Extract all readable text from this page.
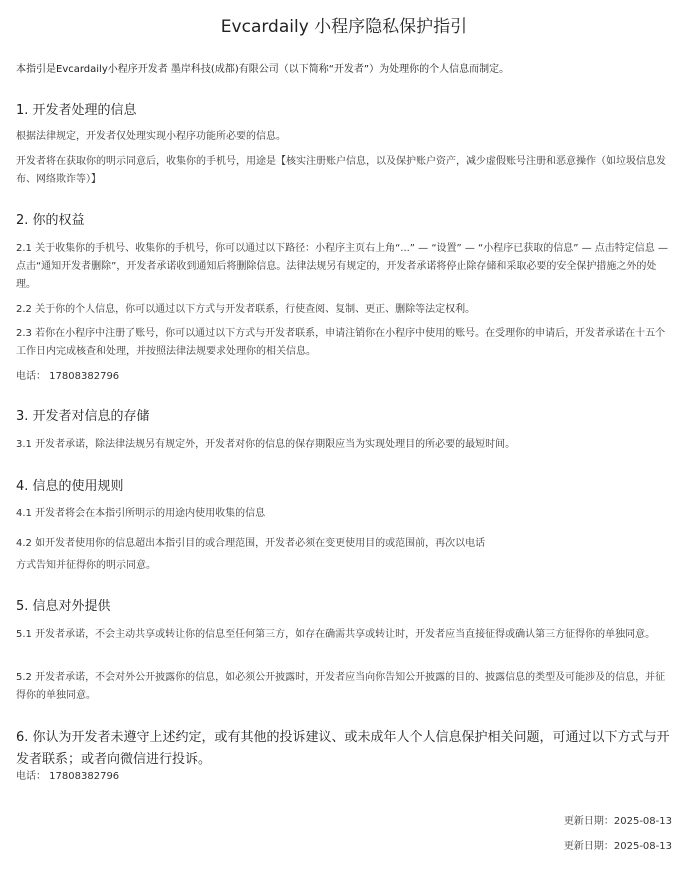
Evcardaily 小程序隐私保护指引
本指引是Evcardaily小程序开发者 墨岸科技(成都)有限公司（以下简称“开发者”）为处理你的个人信息而制定。
1. 开发者处理的信息
根据法律规定，开发者仅处理实现小程序功能所必要的信息。
开发者将在获取你的明示同意后，收集你的手机号，用途是【核实注册账户信息，以及保护账户资产，减少虚假账号注册和恶意操作（如垃圾信息发布、网络欺诈等）】
2. 你的权益
2.1 关于收集你的手机号、收集你的手机号，你可以通过以下路径：小程序主页右上角“...” — “设置” — “小程序已获取的信息” — 点击特定信息 — 点击“通知开发者删除”，开发者承诺收到通知后将删除信息。法律法规另有规定的，开发者承诺将停止除存储和采取必要的安全保护措施之外的处理。
2.2 关于你的个人信息，你可以通过以下方式与开发者联系，行使查阅、复制、更正、删除等法定权利。
2.3 若你在小程序中注册了账号，你可以通过以下方式与开发者联系，申请注销你在小程序中使用的账号。在受理你的申请后，开发者承诺在十五个工作日内完成核查和处理，并按照法律法规要求处理你的相关信息。
电话： 17808382796
3. 开发者对信息的存储
3.1 开发者承诺，除法律法规另有规定外，开发者对你的信息的保存期限应当为实现处理目的所必要的最短时间。
4. 信息的使用规则
4.1 开发者将会在本指引所明示的用途内使用收集的信息
4.2 如开发者使用你的信息超出本指引目的或合理范围，开发者必须在变更使用目的或范围前，再次以电话
方式告知并征得你的明示同意。
5. 信息对外提供
5.1 开发者承诺，不会主动共享或转让你的信息至任何第三方，如存在确需共享或转让时，开发者应当直接征得或确认第三方征得你的单独同意。
5.2 开发者承诺，不会对外公开披露你的信息，如必须公开披露时，开发者应当向你告知公开披露的目的、披露信息的类型及可能涉及的信息，并征得你的单独同意。
6. 你认为开发者未遵守上述约定，或有其他的投诉建议、或未成年人个人信息保护相关问题，可通过以下方式与开发者联系；或者向微信进行投诉。
电话： 17808382796
更新日期：2025-08-13
更新日期：2025-08-13
